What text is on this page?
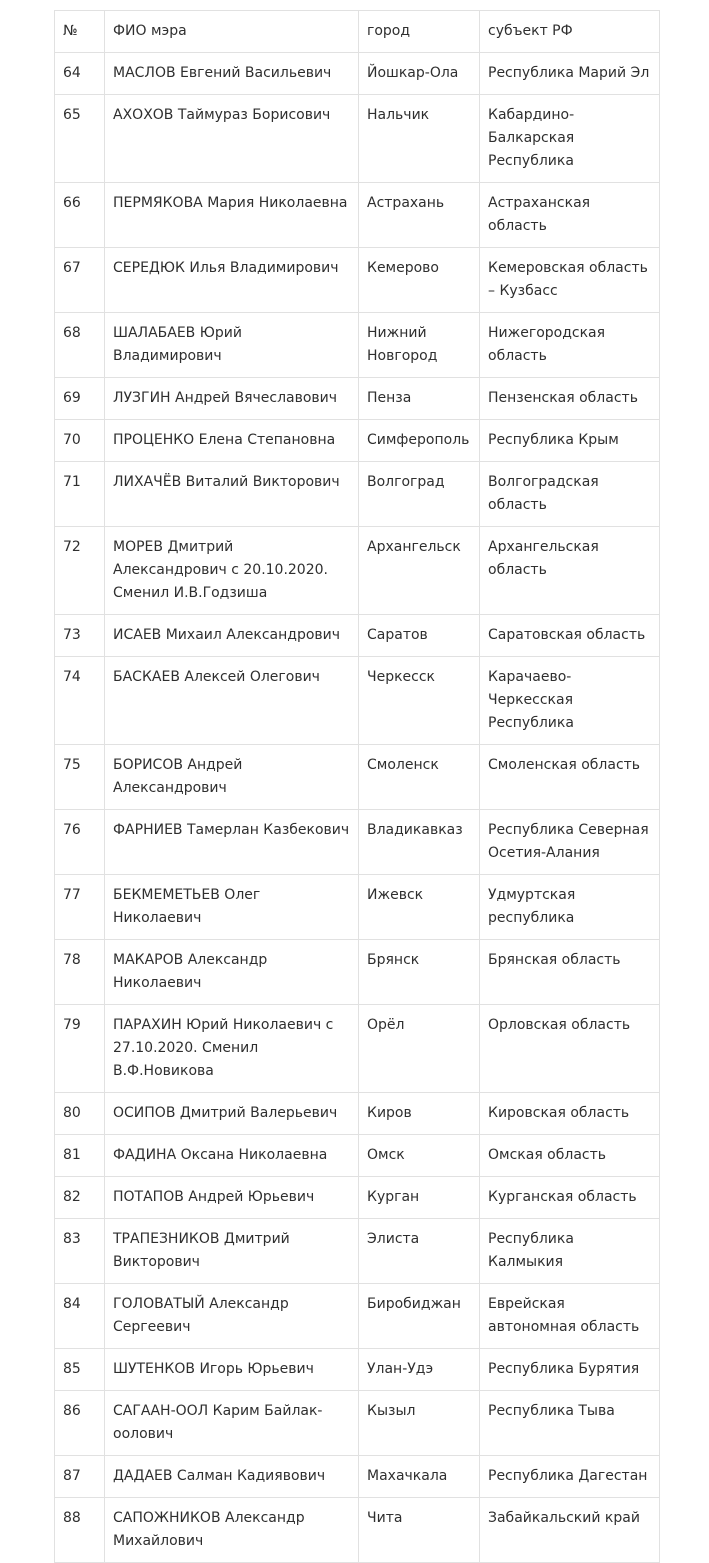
№	ФИО мэра	город	субъект РФ
64	МАСЛОВ Евгений Васильевич	Йошкар-Ола	Республика Марий Эл
65	АХОХОВ Таймураз Борисович	Нальчик	Кабардино-Балкарская Республика
66	ПЕРМЯКОВА Мария Николаевна	Астрахань	Астраханская область
67	СЕРЕДЮК Илья Владимирович	Кемерово	Кемеровская область – Кузбасс
68	ШАЛАБАЕВ Юрий Владимирович	Нижний Новгород	Нижегородская область
69	ЛУЗГИН Андрей Вячеславович	Пенза	Пензенская область
70	ПРОЦЕНКО Елена Степановна	Симферополь	Республика Крым
71	ЛИХАЧЁВ Виталий Викторович	Волгоград	Волгоградская область
72	МОРЕВ Дмитрий Александрович с 20.10.2020. Сменил И.В.Годзиша	Архангельск	Архангельская область
73	ИСАЕВ Михаил Александрович	Саратов	Саратовская область
74	БАСКАЕВ Алексей Олегович	Черкесск	Карачаево-Черкесская Республика
75	БОРИСОВ Андрей Александрович	Смоленск	Смоленская область
76	ФАРНИЕВ Тамерлан Казбекович	Владикавказ	Республика Северная Осетия-Алания
77	БЕКМЕМЕТЬЕВ Олег Николаевич	Ижевск	Удмуртская республика
78	МАКАРОВ Александр Николаевич	Брянск	Брянская область
79	ПАРАХИН Юрий Николаевич с 27.10.2020. Сменил В.Ф.Новикова	Орёл	Орловская область
80	ОСИПОВ Дмитрий Валерьевич	Киров	Кировская область
81	ФАДИНА Оксана Николаевна	Омск	Омская область
82	ПОТАПОВ Андрей Юрьевич	Курган	Курганская область
83	ТРАПЕЗНИКОВ Дмитрий Викторович	Элиста	Республика Калмыкия
84	ГОЛОВАТЫЙ Александр Сергеевич	Биробиджан	Еврейская автономная область
85	ШУТЕНКОВ Игорь Юрьевич	Улан-Удэ	Республика Бурятия
86	САГААН-ООЛ Карим Байлак-оолович	Кызыл	Республика Тыва
87	ДАДАЕВ Салман Кадиявович	Махачкала	Республика Дагестан
88	САПОЖНИКОВ Александр Михайлович	Чита	Забайкальский край
